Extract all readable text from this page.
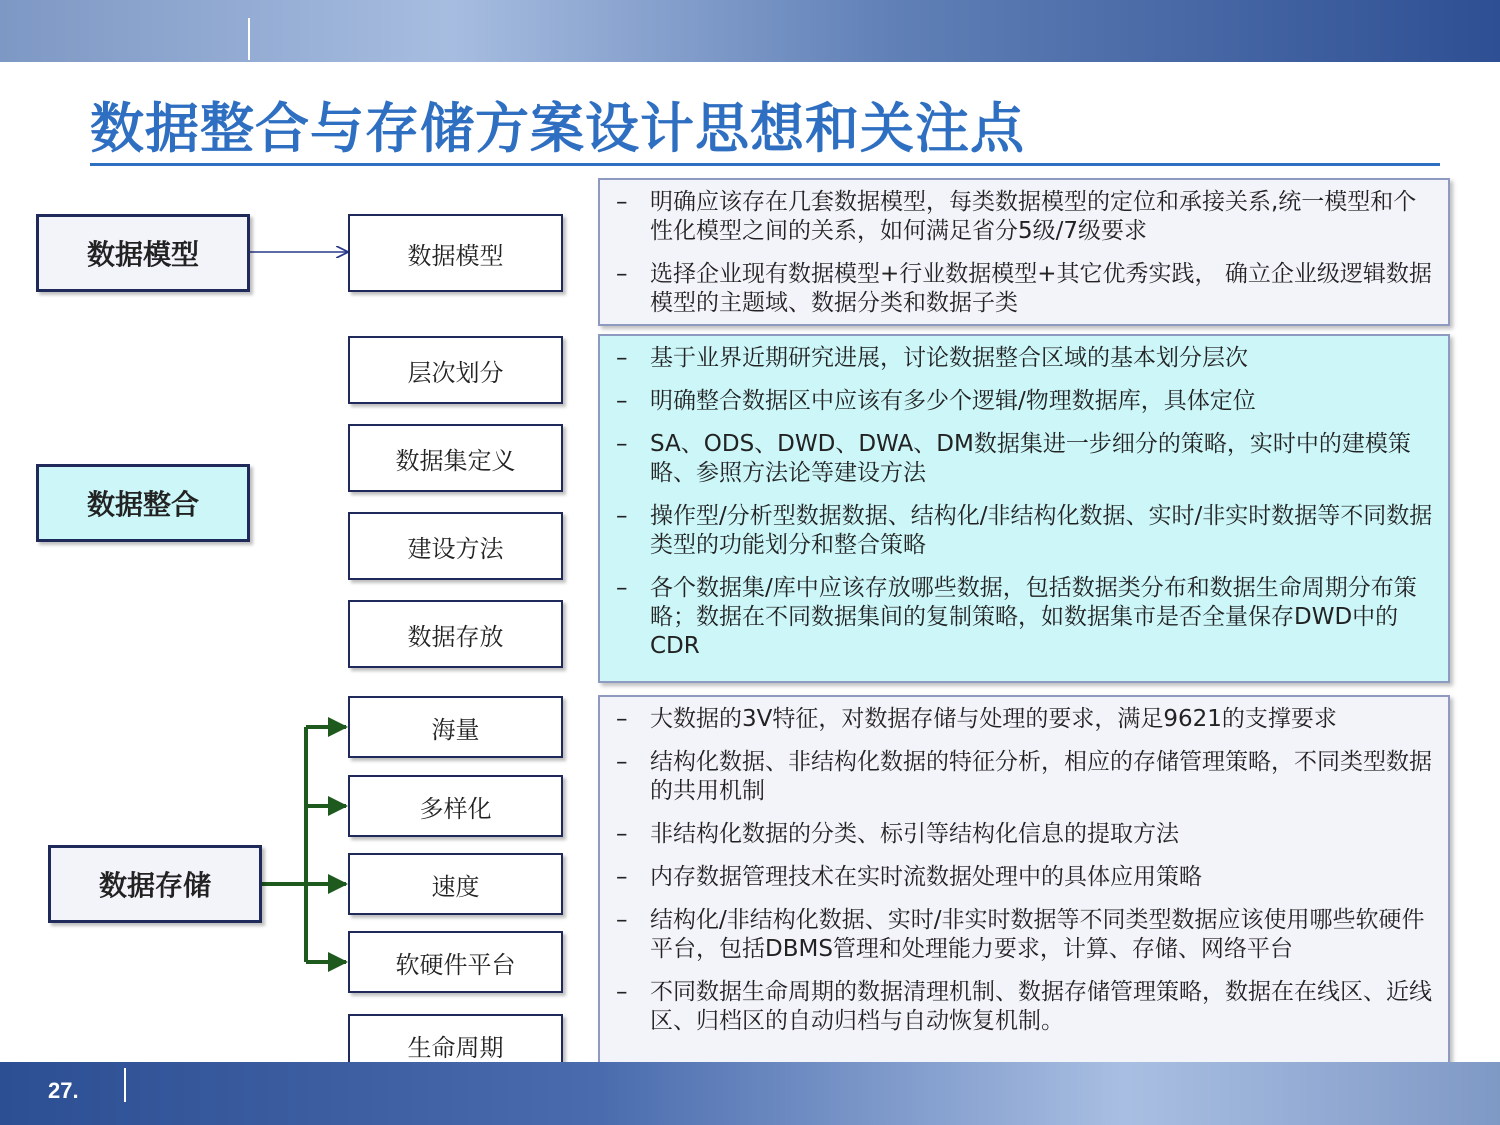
数据整合与存储方案设计思想和关注点
数据模型
数据整合
数据存储
数据模型
层次划分
数据集定义
建设方法
数据存放
海量
多样化
速度
软硬件平台
生命周期
– 明确应该存在几套数据模型，每类数据模型的定位和承接关系,统一模型和个性化模型之间的关系，如何满足省分5级/7级要求
– 选择企业现有数据模型+行业数据模型+其它优秀实践， 确立企业级逻辑数据模型的主题域、数据分类和数据子类
– 基于业界近期研究进展，讨论数据整合区域的基本划分层次
– 明确整合数据区中应该有多少个逻辑/物理数据库，具体定位
– SA、ODS、DWD、DWA、DM数据集进一步细分的策略，实时中的建模策略、参照方法论等建设方法
– 操作型/分析型数据数据、结构化/非结构化数据、实时/非实时数据等不同数据类型的功能划分和整合策略
– 各个数据集/库中应该存放哪些数据，包括数据类分布和数据生命周期分布策略；数据在不同数据集间的复制策略，如数据集市是否全量保存DWD中的CDR
– 大数据的3V特征，对数据存储与处理的要求，满足9621的支撑要求
– 结构化数据、非结构化数据的特征分析，相应的存储管理策略，不同类型数据的共用机制
– 非结构化数据的分类、标引等结构化信息的提取方法
– 内存数据管理技术在实时流数据处理中的具体应用策略
– 结构化/非结构化数据、实时/非实时数据等不同类型数据应该使用哪些软硬件平台，包括DBMS管理和处理能力要求，计算、存储、网络平台
– 不同数据生命周期的数据清理机制、数据存储管理策略，数据在在线区、近线区、归档区的自动归档与自动恢复机制。
27.
